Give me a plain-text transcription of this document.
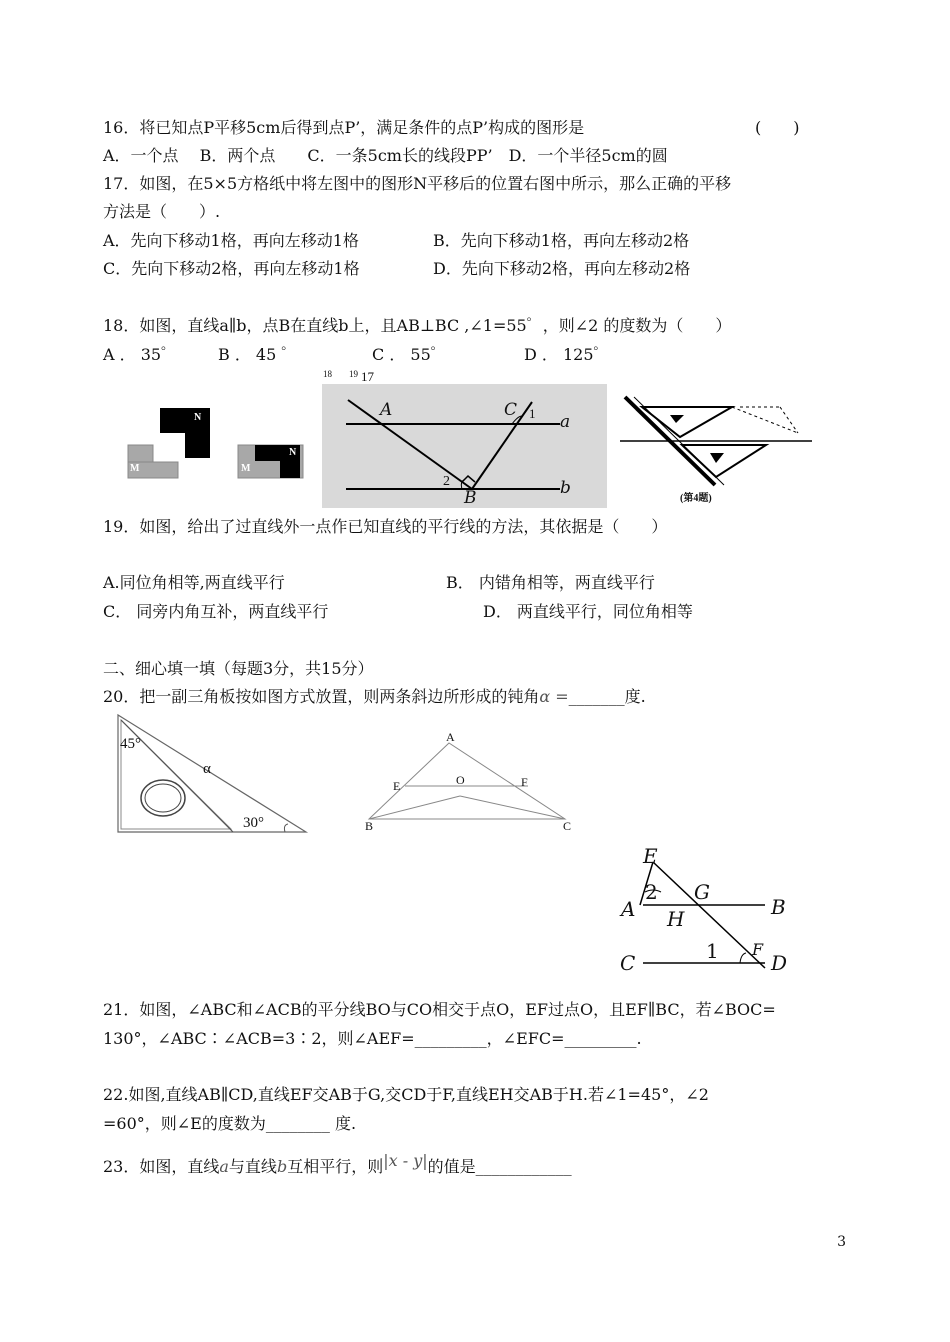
16．将已知点P平移5cm后得到点P’，满足条件的点P’构成的图形是	(　　)
A．一个点　 B．两个点　　C．一条5cm长的线段PP’　D．一个半径5cm的圆
17．如图，在5×5方格纸中将左图中的图形N平移后的位置右图中所示，那么正确的平移
方法是（　　）.
A．先向下移动1格，再向左移动1格	B．先向下移动1格，再向左移动2格
C．先向下移动2格，再向左移动1格	D．先向下移动2格，再向左移动2格
18．如图，直线a∥b，点B在直线b上，且AB⊥BC ,∠1=55゜，则∠2 的度数为（　　）
A ． 35゜	B ． 45 ゜	C ． 55゜	D ． 125゜
18 19 17
N
M
N
M
A	C 1 a
2
B	b
(第4题)
19．如图，给出了过直线外一点作已知直线的平行线的方法，其依据是（　　）
A.同位角相等,两直线平行	B． 内错角相等，两直线平行
C． 同旁内角互补，两直线平行	D． 两直线平行，同位角相等
二、细心填一填（每题3分，共15分）
20．把一副三角板按如图方式放置，则两条斜边所形成的钝角α =_______度.
45°
α
30°
A
E	O	F
B	C
E
2 G
A H	B
1 F
C	D
21．如图，∠ABC和∠ACB的平分线BO与CO相交于点O，EF过点O，且EF∥BC，若∠BOC=
130°，∠ABC∶∠ACB=3∶2，则∠AEF=_________，∠EFC=_________.
22.如图,直线AB∥CD,直线EF交AB于G,交CD于F,直线EH交AB于H.若∠1=45°，∠2
=60°，则∠E的度数为________ 度.
23．如图，直线a与直线b互相平行，则|x - y|的值是____________
3
